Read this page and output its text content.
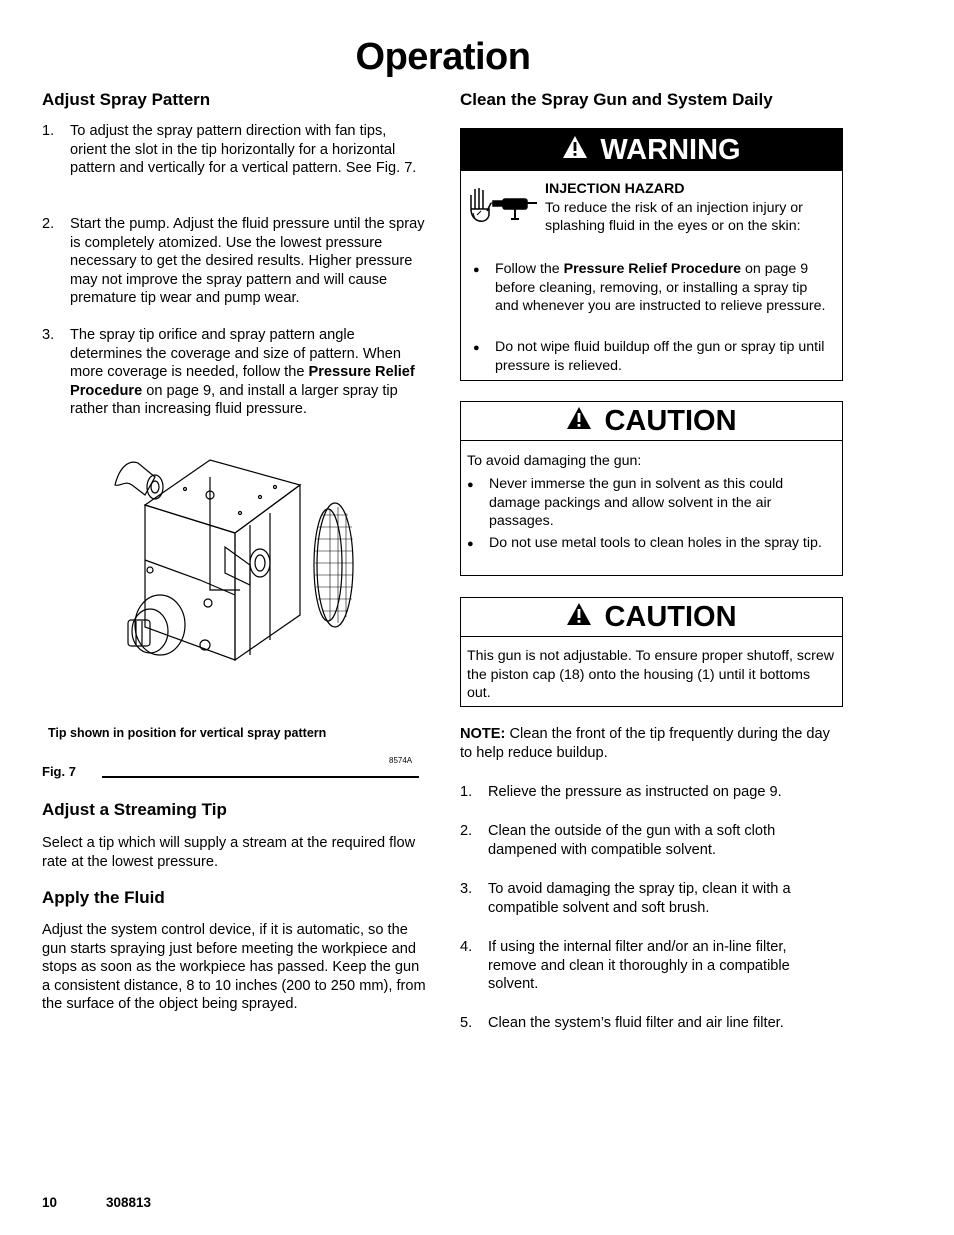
Operation
Adjust Spray Pattern
1. To adjust the spray pattern direction with fan tips, orient the slot in the tip horizontally for a horizontal pattern and vertically for a vertical pattern. See Fig. 7.
2. Start the pump. Adjust the fluid pressure until the spray is completely atomized. Use the lowest pressure necessary to get the desired results. Higher pressure may not improve the spray pattern and will cause premature tip wear and pump wear.
3. The spray tip orifice and spray pattern angle determines the coverage and size of pattern. When more coverage is needed, follow the Pressure Relief Procedure on page 9, and install a larger spray tip rather than increasing fluid pressure.
Tip shown in position for vertical spray pattern
8574A
Fig. 7
Adjust a Streaming Tip
Select a tip which will supply a stream at the required flow rate at the lowest pressure.
Apply the Fluid
Adjust the system control device, if it is automatic, so the gun starts spraying just before meeting the workpiece and stops as soon as the workpiece has passed. Keep the gun a consistent distance, 8 to 10 inches (200 to 250 mm), from the surface of the object being sprayed.
Clean the Spray Gun and System Daily
WARNING
INJECTION HAZARD
To reduce the risk of an injection injury or splashing fluid in the eyes or on the skin:
● Follow the Pressure Relief Procedure on page 9 before cleaning, removing, or installing a spray tip and whenever you are instructed to relieve pressure.
● Do not wipe fluid buildup off the gun or spray tip until pressure is relieved.
CAUTION
To avoid damaging the gun:
● Never immerse the gun in solvent as this could damage packings and allow solvent in the air passages.
● Do not use metal tools to clean holes in the spray tip.
CAUTION
This gun is not adjustable. To ensure proper shutoff, screw the piston cap (18) onto the housing (1) until it bottoms out.
NOTE: Clean the front of the tip frequently during the day to help reduce buildup.
1. Relieve the pressure as instructed on page 9.
2. Clean the outside of the gun with a soft cloth dampened with compatible solvent.
3. To avoid damaging the spray tip, clean it with a compatible solvent and soft brush.
4. If using the internal filter and/or an in-line filter, remove and clean it thoroughly in a compatible solvent.
5. Clean the system’s fluid filter and air line filter.
10	308813
